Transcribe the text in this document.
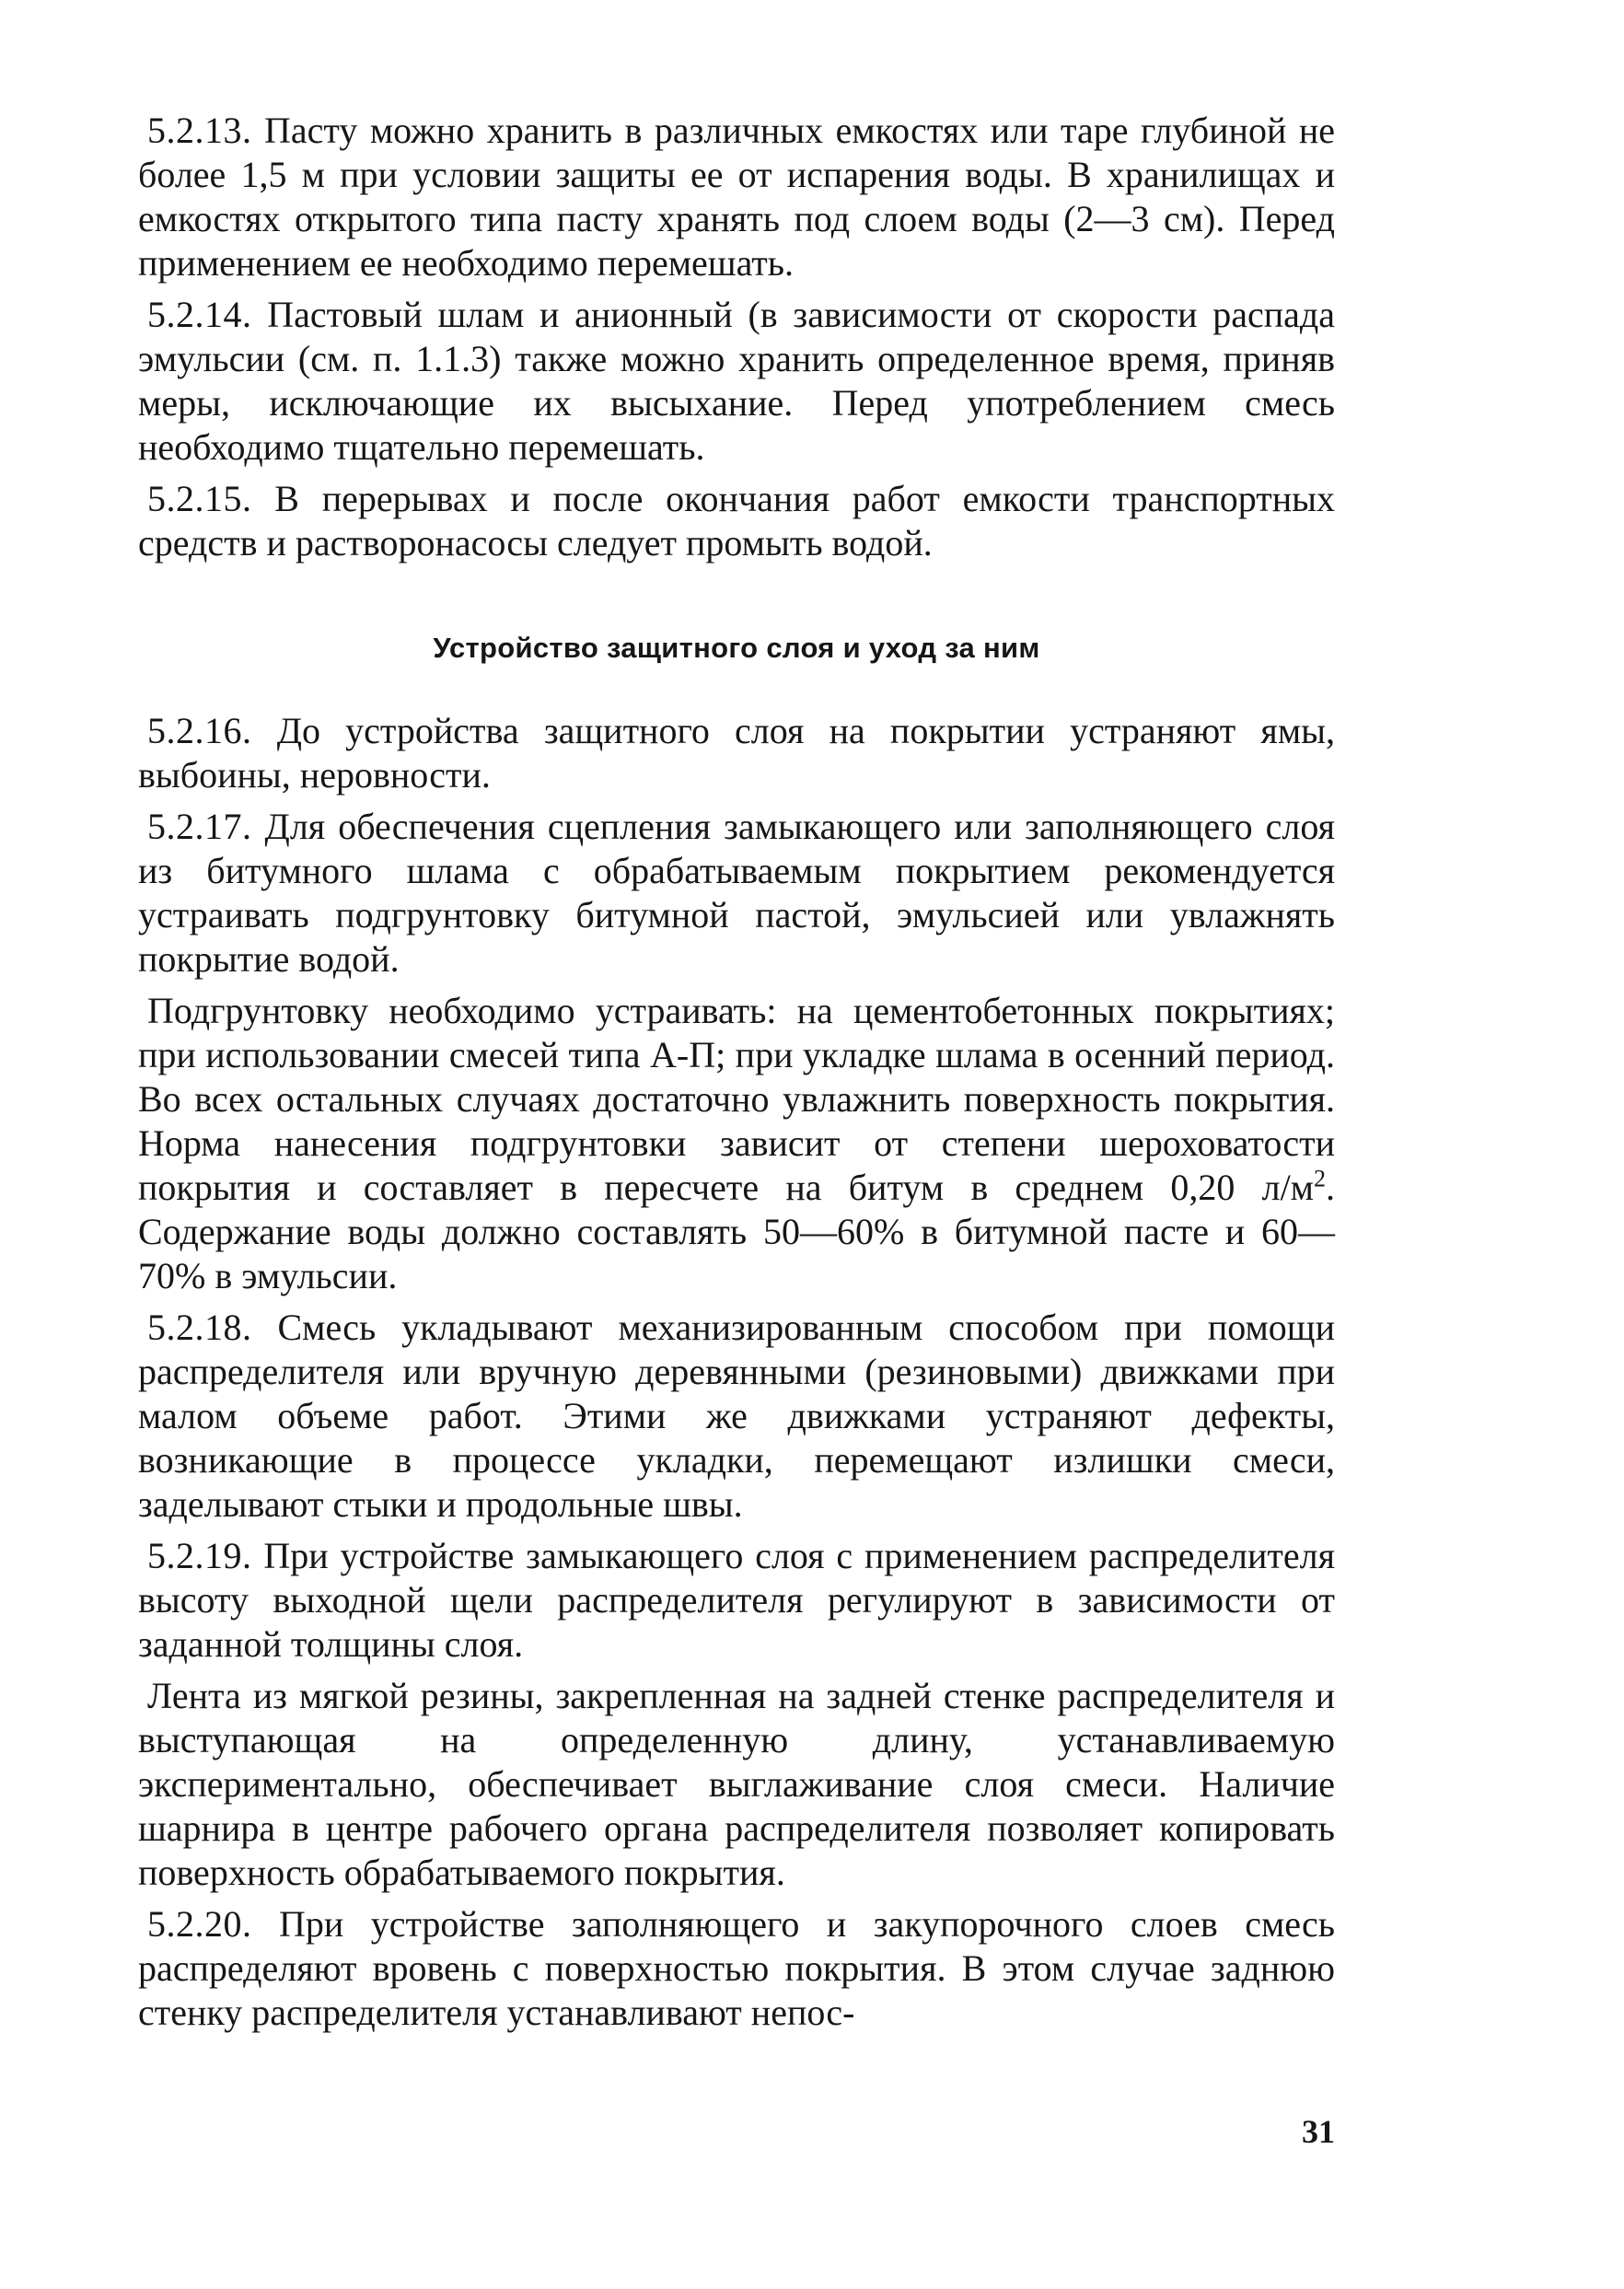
5.2.13. Пасту можно хранить в различных емкостях или таре глубиной не более 1,5 м при условии защиты ее от испарения воды. В хранилищах и емкостях открытого типа пасту хранять под слоем воды (2—3 см). Перед применением ее необходимо перемешать.

5.2.14. Пастовый шлам и анионный (в зависимости от скорости распада эмульсии (см. п. 1.1.3) также можно хранить определенное время, приняв меры, исключающие их высыхание. Перед употреблением смесь необходимо тщательно перемешать.

5.2.15. В перерывах и после окончания работ емкости транспортных средств и растворонасосы следует промыть водой.

Устройство защитного слоя и уход за ним

5.2.16. До устройства защитного слоя на покрытии устраняют ямы, выбоины, неровности.

5.2.17. Для обеспечения сцепления замыкающего или заполняющего слоя из битумного шлама с обрабатываемым покрытием рекомендуется устраивать подгрунтовку битумной пастой, эмульсией или увлажнять покрытие водой.

Подгрунтовку необходимо устраивать: на цементобетонных покрытиях; при использовании смесей типа А-П; при укладке шлама в осенний период. Во всех остальных случаях достаточно увлажнить поверхность покрытия. Норма нанесения подгрунтовки зависит от степени шероховатости покрытия и составляет в пересчете на битум в среднем 0,20 $л/м^2$. Содержание воды должно составлять 50—60% в битумной пасте и 60—70% в эмульсии.

5.2.18. Смесь укладывают механизированным способом при помощи распределителя или вручную деревянными (резиновыми) движками при малом объеме работ. Этими же движками устраняют дефекты, возникающие в процессе укладки, перемещают излишки смеси, заделывают стыки и продольные швы.

5.2.19. При устройстве замыкающего слоя с применением распределителя высоту выходной щели распределителя регулируют в зависимости от заданной толщины слоя.

Лента из мягкой резины, закрепленная на задней стенке распределителя и выступающая на определенную длину, устанавливаемую экспериментально, обеспечивает выглаживание слоя смеси. Наличие шарнира в центре рабочего органа распределителя позволяет копировать поверхность обрабатываемого покрытия.

5.2.20. При устройстве заполняющего и закупорочного слоев смесь распределяют вровень с поверхностью покрытия. В этом случае заднюю стенку распределителя устанавливают непос-

31
